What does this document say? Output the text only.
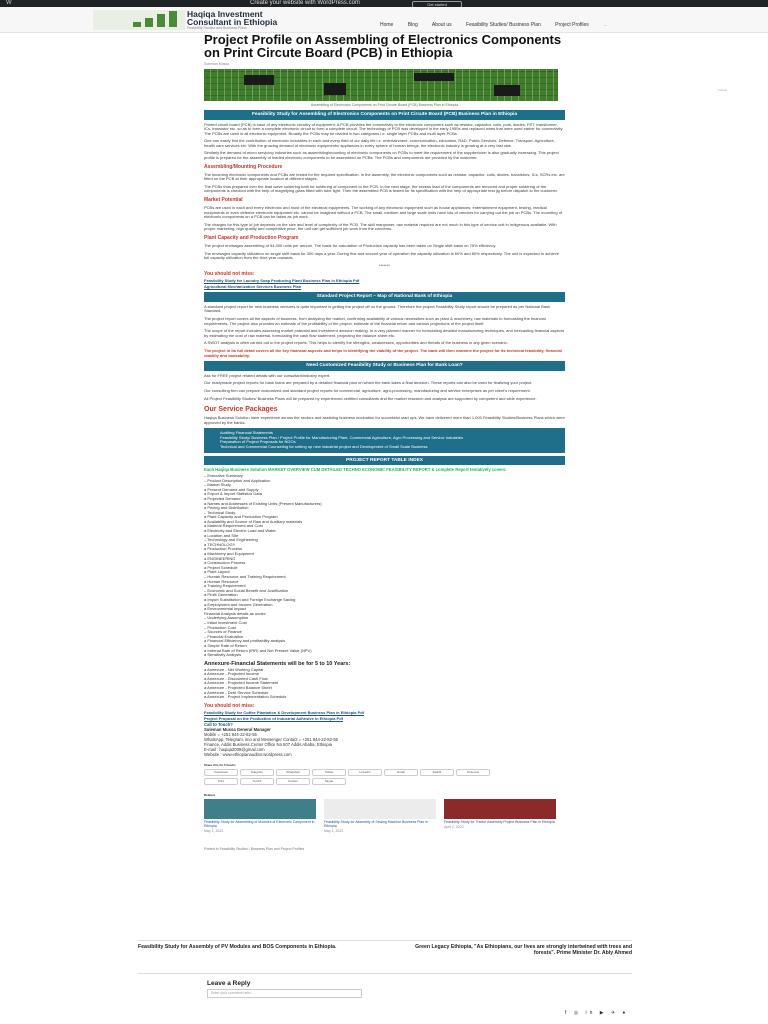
W	Create your website with WordPress.com	Get started
Haqiqa Investment
Consultant in Ethiopia
Feasibility Studies and Business Plans	Home	Blog	About us	Feasibility Studies/ Business Plan	Project Profiles	...
Follow ...
Project Profile on Assembling of Electronics Components on Print Circute Board (PCB) in Ethiopia
Suleman Mussa
Assembling of Electronics Components on Print Circute Board (PCB) Business Plan in Ethiopia
Feasibility Study for Assembling of Electronics Components on Print Circute Board (PCB) Business Plan in Ethiopia
Printed circuit board (PCB) is base of any electronic circuitry of equipment. A PCB provides the connectivity to the electronic component such as resistor, capacitor, coils, pots, diodes, FET, transformer, ICs, transistor etc. so as to form a complete electronic circuit to form a complete circuit. The technology of PCB was developed in the early 1950s and replaced wires that were used earlier for connectivity. The PCBs are used in all electronic equipment. Broadly the PCBs may be divided in two categories i.e. single layer PCBs and multi layer PCBs.
One can easily find the contribution of electronic industries in each and every field of our daily life i.e. entertainment, communication, education, R&D, Public Services, Defence, Transport, Agriculture, health care services etc. With the growing demand of electronic equipments/ appliances in every sphere of human beings, the electronic industry is growing at a very fast rate.
Similarly the demand of micro servicing industries such as assembling/mounting of electronic components on PCBs to meet the requirement of the supplier/user is also gradually increasing. This project profile is prepared for the assembly of leaded electronic components to be assembled on PCBs. The PCBs and components are provided by the customer.
Assembling/Mounting Procedure
The incoming electronic components and PCBs are tested for the required specification. In the assembly, the electronic components such as resistor, capacitor, coils, diodes, transistors, ICs, SCRs etc. are fitted on the PCB at their appropriate location at different stages.
The PCBs thus prepared over the lead wave soldering bath for soldering of component to the PCB. In the next stage, the excess lead of the components are removed and proper soldering of the components is checked with the help of magnifying glass fitted with tube light. Then the assembled PCB is tested for its specification with the help of appropriate test jig before dispatch to the customer.
Market Potential
PCBs are used in each and every electronic and most of the electrical equipments. The working of any electronic equipment such as house appliances, entertainment equipment, testing, medical equipments or even defence electronic equipment etc. cannot be imagined without a PCB. The small, medium and large scale units have lots of vendors for carrying out the job on PCBs. The mounting of electronic components on a PCB can be taken as job work.
The charges for this type of job depends on the size and level of complexity of the PCB. The skill manpower, raw material required are not much in this type of service unit in Indigenous available. With proper marketing, high quality and competitive price, the unit can get sufficient job work from the concerns.
Plant Capacity and Production Program
The project envisages assembling of 54,000 units per annum. The basis for calculation of Production capacity has been taken on Single shift basis on 75% efficiency.
The envisaged capacity utilization on single shift basis for 300 days a year. During first and second year of operation the capacity utilization is 60% and 80% respectively. The unit is expected to achieve full capacity utilization from the third year onwards.
*******
You should not miss:
Feasibility Study for Laundry Soap Producing Plant Business Plan in Ethiopia Pdf
Agricultural Mechanization Services Business Plan
Standard Project Report – Map of National Bank of Ethiopia
A standard project report for new business ventures is quite important in getting the project off on the ground. Therefore the project Feasibility Study report should be prepared as per National Bank Standard.
The project report covers all the aspects of business, from analyzing the market, confirming availability of various necessities such as plant & machinery, raw materials to forecasting the financial requirements. The project also provides an estimate of the profitability of the project, estimate of the financial return and various projections of the project itself.
The scope of the report includes assessing market potential and investment decision making. In a very planned manner for formulating detailed manufacturing techniques, and forecasting financial aspects by estimating the cost of raw material, formulating the cash flow statement, projecting the balance sheet etc.
A SWOT analysis is often carried out in the project reports. This helps to identify the strengths, weaknesses, opportunities and threats of the business in any given scenario.
The project in its full detail covers all the key financial aspects and helps in identifying the viability of the project. The bank will then examine the project for its technical feasibility, financial viability and bankability.
Need Customized Feasibility Study or Business Plan for Bank Loan?
Ask for FREE project related details with our consultant/industry expert.
Our readymade project reports for bank loans are prepared by a detailed financial plan on which the bank takes a final decision. These reports can also be used for finalizing your project.
Our consulting firm can prepare customized and standard project reports for commercial, agriculture, agro-processing, manufacturing and service enterprises as per client's requirement.
All Project Feasibility Studies/ Business Plans will be prepared by experienced certified consultants and the market research and analysis are supported by competent and wide experience.
Our Service Packages
Haqiqa Business Solution have experience across the sectors and assisting business incubation for successful start ups. We have delivered more than 1,000 Feasibility Studies/Business Plans which were approved by the banks.
Auditing Financial Statements
Feasibility Study/ Business Plan / Project Profile for Manufacturing Plant, Commercial Agriculture, Agro Processing and Service Industries
Preparation of Project Proposals for NGOs
Technical and Commercial Counseling for setting up new industrial project and Development of Small Scale Business
PROJECT REPORT TABLE INDEX
Each Haqiqa Business Solution MARKET OVERVIEW CUM DETAILED TECHNO ECONOMIC FEASIBILITY REPORT & complete Report tentatively covers:
– Executive Summary
– Product Description and Application
– Market Study
a Present Demand and Supply
a Export & Import Statistics Data
a Projected Demand
a Names and Addresses of Existing Units (Present Manufacturers)
a Pricing and Distribution
– Technical Study
a Plant Capacity and Production Program
a Availability and Source of Raw and Auxiliary materials
a Material Requirement and Cost
a Electricity and Electric Load and Water
a Location and Site
– Technology and Engineering
a TECHNOLOGY
a Production Process
a Machinery and Equipment
a ENGINEERING
a Construction Process
a Project Schedule
a Plant Layout
– Human Resource and Training Requirement
a Human Resource
a Training Requirement
– Economic and Social Benefit and Justification
a Profit Generation
a Import Substitution and Foreign Exchange Saving
a Employment and Income Generation
a Environmental Impact
Financial Analysis details as under:
– Underlying Assumption
– Initial Investment Cost
– Production Cost
– Sources of Finance
– Financial Evaluation
a Financial Efficiency and profitability analysis
a Simple Rate of Return
a Internal Rate of Return (IRR) and Net Present Value (NPV)
a Sensitivity Analysis
Annexure-Financial Statements will be for 5 to 10 Years:
a Annexure - Net Working Capital
a Annexure - Projected Income
a Annexure - Discounted Cash Flow
a Annexure - Projected Income Statement
a Annexure - Projected Balance Sheet
a Annexure - Debt Service Schedule
a Annexure - Project Implementation Schedule
You should not miss:
Feasibility Study for Coffee Plantation & Development Business Plan in Ethiopia Pdf
Project Proposal on the Production of Industrial Adhesive in Ethiopia Pdf
Call to Touch?
Suleman Mussa General Manager
Mobile = +251 944-22-82-55
WhatsApp, Telegram, imo and Messenger Contact = +251 944-22-82-55
Finance, Addis Business Center Office No 507 Addis Ababa, Ethiopia
E-mail : haqiqa2009@gmail.com
Website : www.ethiopianauditor.wordpress.com
Share this for Friends:
Facebook	Telegram	WhatsApp	Twitter	LinkedIn	Email	Reddit	Pinterest
Print	Tumblr	Pocket	Skype
Related
Feasibility Study for Assembling of Modules of Electronic Component in Ethiopia
May 1, 2022
Feasibility Study for Assembly of Sewing Machine Business Plan in Ethiopia
May 1, 2022
Feasibility Study for Tractor Assembly Project Business Plan in Ethiopia
April 2, 2022
Posted in Feasibility Studies / Business Plan and Project Profiles
Feasibility Study for Assembly of PV Modules and BOS Components in Ethiopia.	Green Legacy Ethiopia, "As Ethiopians, our lives are strongly intertwined with trees and forests". Prime Minister Dr. Abiy Ahmed
Leave a Reply
Enter your comment here...
f ◎ in ▶ ✈ ♦
